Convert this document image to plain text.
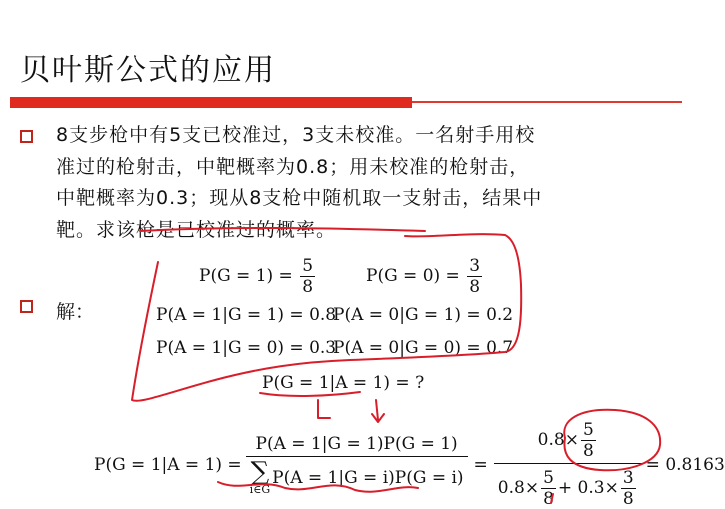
贝叶斯公式的应用
8支步枪中有5支已校准过，3支未校准。一名射手用校
准过的枪射击，中靶概率为0.8；用未校准的枪射击，
中靶概率为0.3；现从8支枪中随机取一支射击，结果中
靶。求该枪是已校准过的概率。
解：
$P(G = 1) = \frac{5}{8}$	$P(G = 0) = \frac{3}{8}$
P(A = 1|G = 1) = 0.8
P(A = 0|G = 1) = 0.2
P(A = 1|G = 0) = 0.3
P(A = 0|G = 0) = 0.7
P(G = 1|A = 1) = ?
P(G = 1|A = 1) = P(A = 1|G = 1)P(G = 1)
∑
i∈G
$P(A = 1|G = i)P(G = i) = \frac{0.8\times \frac{5}{8}}{0.8\times \frac{5}{8} + 0.3\times \frac{3}{8}} = 0.8163$
